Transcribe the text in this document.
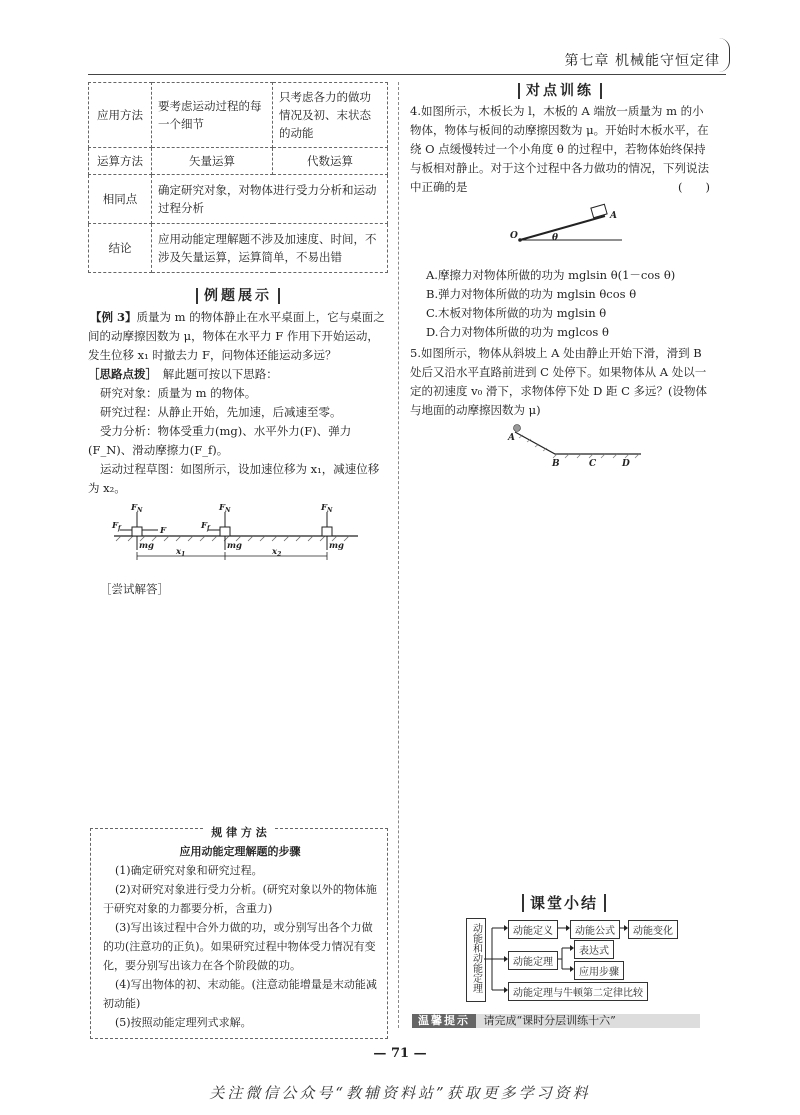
第七章 机械能守恒定律
应用方法	要考虑运动过程的每一个细节	只考虑各力的做功情况及初、末状态的动能
运算方法	矢量运算	代数运算
相同点	确定研究对象，对物体进行受力分析和运动过程分析	
结论	应用动能定理解题不涉及加速度、时间，不涉及矢量运算，运算简单，不易出错	
例题展示
【例 3】质量为 m 的物体静止在水平桌面上，它与桌面之间的动摩擦因数为 μ，物体在水平力 F 作用下开始运动，发生位移 x₁ 时撤去力 F，问物体还能运动多远？
［思路点拨］　 解此题可按以下思路：
研究对象：质量为 m 的物体。
研究过程：从静止开始，先加速，后减速至零。
受力分析：物体受重力(mg)、水平外力(F)、弹力(F_N)、滑动摩擦力(F_f)。
运动过程草图：如图所示，设加速位移为 x₁，减速位移为 x₂。
$F_N$	$F_N$	$F_N$
$F_f$	$F_f$
F
mg	mg	mg
$x_1$	$x_2$
［尝试解答］
规 律 方 法
应用动能定理解题的步骤
(1)确定研究对象和研究过程。
(2)对研究对象进行受力分析。(研究对象以外的物体施于研究对象的力都要分析，含重力)
(3)写出该过程中合外力做的功，或分别写出各个力做的功(注意功的正负)。如果研究过程中物体受力情况有变化，要分别写出该力在各个阶段做的功。
(4)写出物体的初、末动能。(注意动能增量是末动能减初动能)
(5)按照动能定理列式求解。
对点训练
4.如图所示，木板长为 l，木板的 A 端放一质量为 m 的小物体，物体与板间的动摩擦因数为 μ。开始时木板水平，在绕 O 点缓慢转过一个小角度 θ 的过程中，若物体始终保持与板相对静止。对于这个过程中各力做功的情况，下列说法中正确的是	(　　)
A
O	θ
A.摩擦力对物体所做的功为 mglsin θ(1－cos θ)
B.弹力对物体所做的功为 mglsin θcos θ
C.木板对物体所做的功为 mglsin θ
D.合力对物体所做的功为 mglcos θ
5.如图所示，物体从斜坡上 A 处由静止开始下滑，滑到 B 处后又沿水平直路前进到 C 处停下。如果物体从 A 处以一定的初速度 v₀ 滑下，求物体停下处 D 距 C 多远？(设物体与地面的动摩擦因数为 μ)
A
B	C	D
课堂小结
动能和动能定理	动能定义	动能公式	动能变化
动能定理
表达式
应用步骤
动能定理与牛顿第二定律比较
温馨提示 请完成“课时分层训练十六”
— 71 —
关注微信公众号“教辅资料站”获取更多学习资料
